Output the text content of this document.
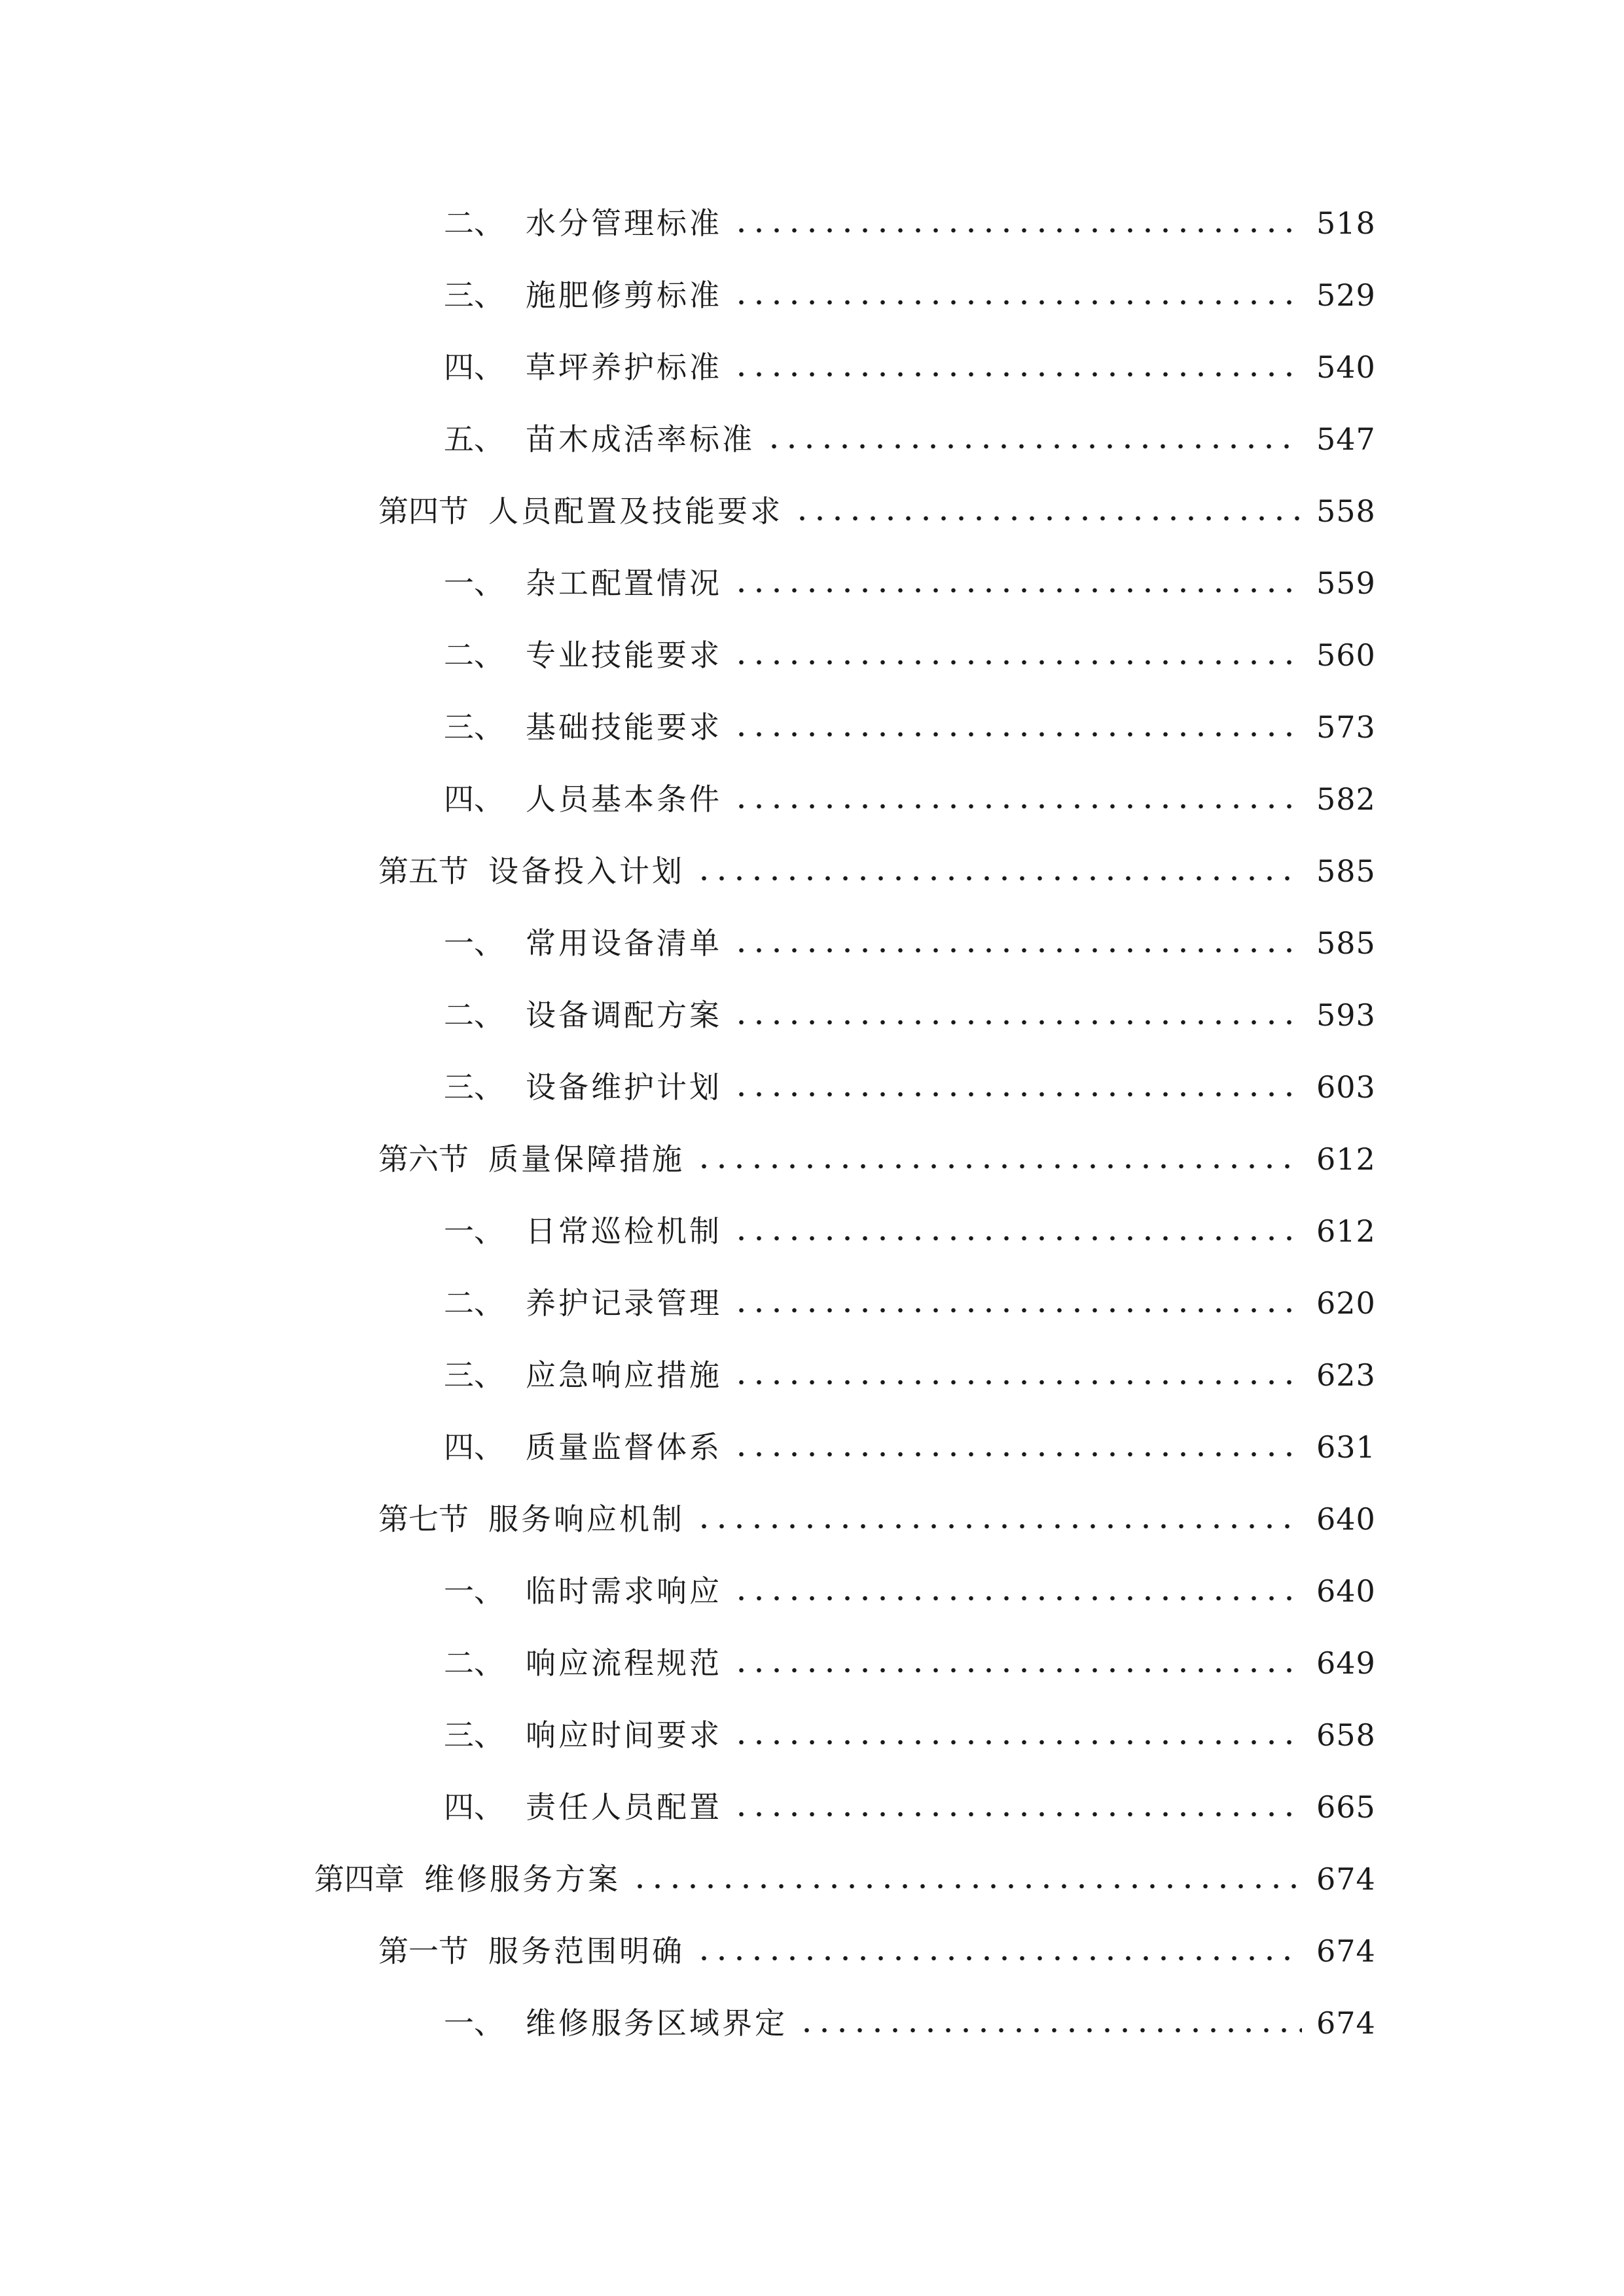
二、 水分管理标准	518
三、 施肥修剪标准	529
四、 草坪养护标准	540
五、 苗木成活率标准	547
第四节 人员配置及技能要求	558
一、 杂工配置情况	559
二、 专业技能要求	560
三、 基础技能要求	573
四、 人员基本条件	582
第五节 设备投入计划	585
一、 常用设备清单	585
二、 设备调配方案	593
三、 设备维护计划	603
第六节 质量保障措施	612
一、 日常巡检机制	612
二、 养护记录管理	620
三、 应急响应措施	623
四、 质量监督体系	631
第七节 服务响应机制	640
一、 临时需求响应	640
二、 响应流程规范	649
三、 响应时间要求	658
四、 责任人员配置	665
第四章 维修服务方案	674
第一节 服务范围明确	674
一、 维修服务区域界定	674
